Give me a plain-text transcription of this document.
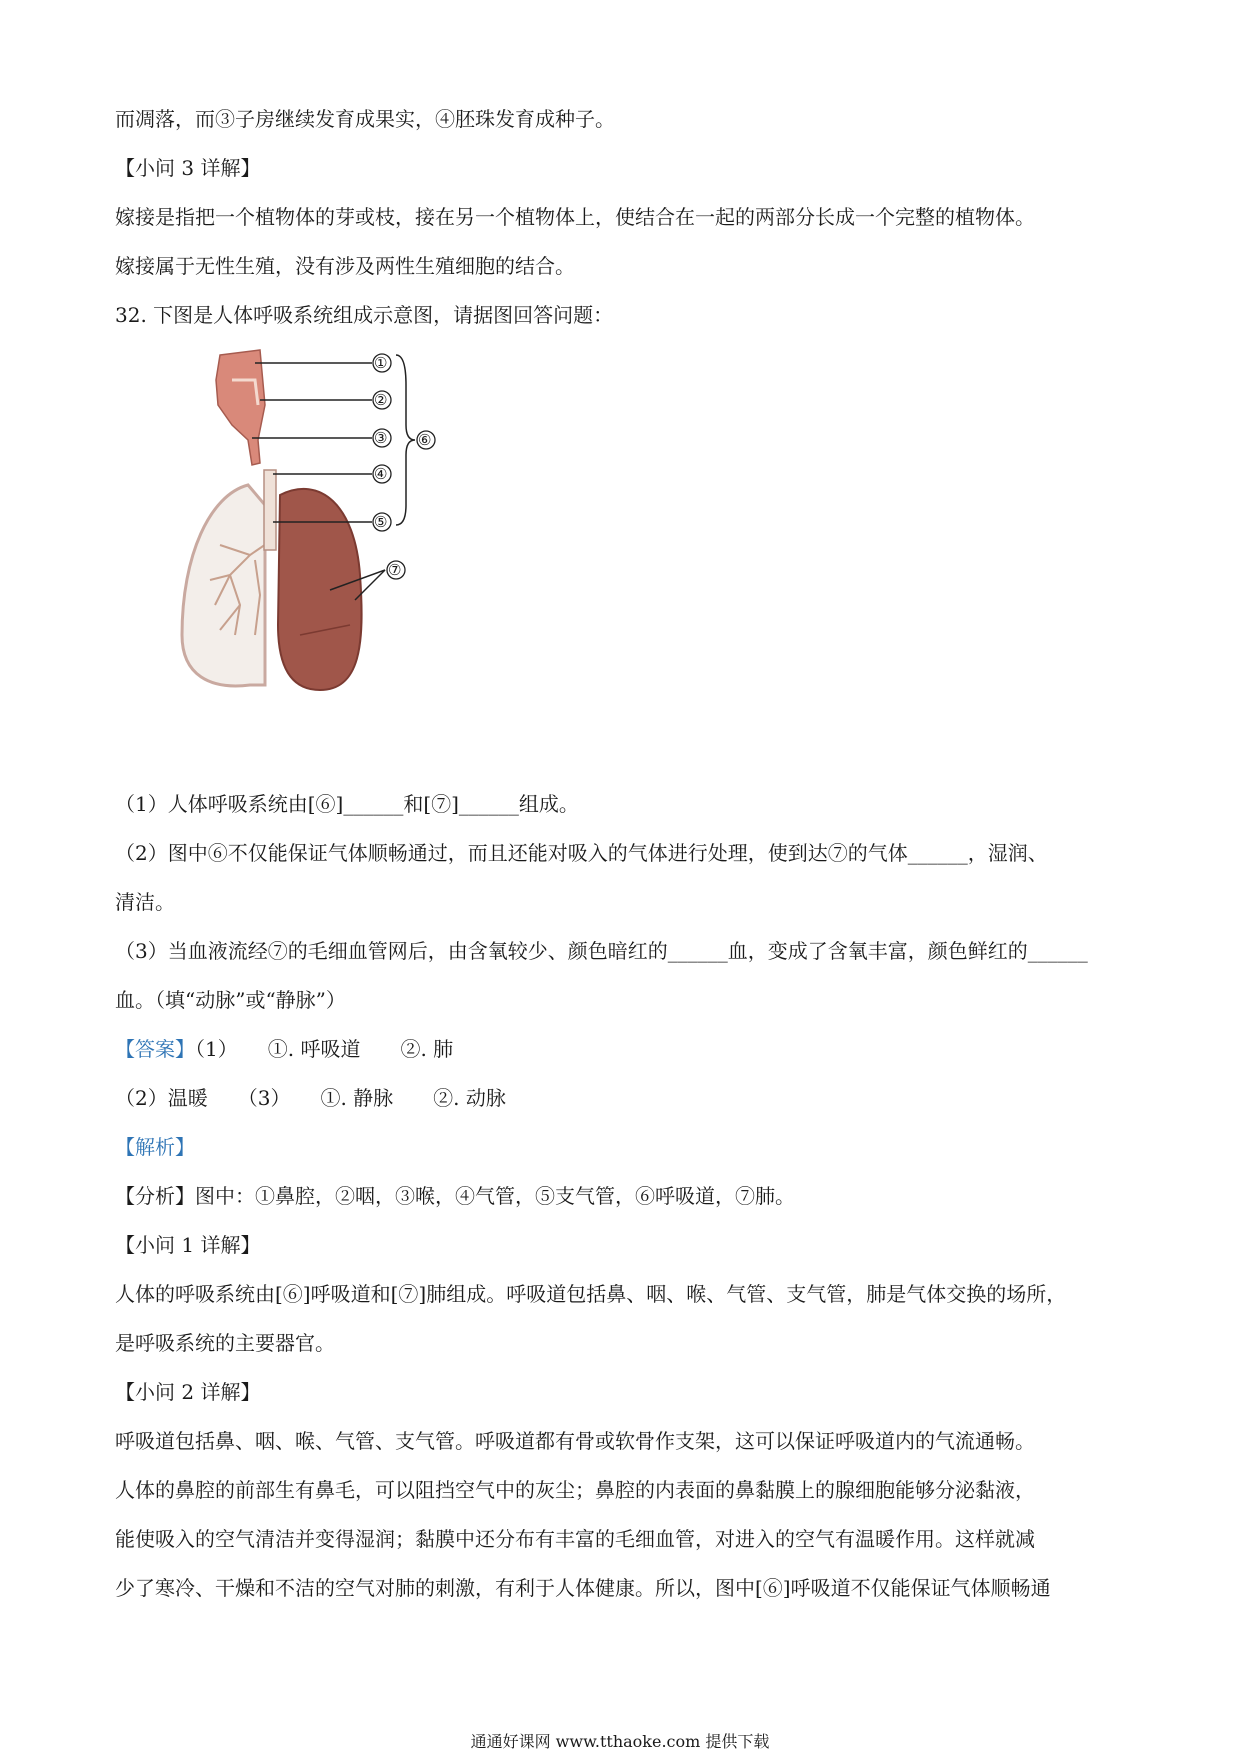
而凋落，而③子房继续发育成果实，④胚珠发育成种子。
【小问 3 详解】
嫁接是指把一个植物体的芽或枝，接在另一个植物体上，使结合在一起的两部分长成一个完整的植物体。
嫁接属于无性生殖，没有涉及两性生殖细胞的结合。
32. 下图是人体呼吸系统组成示意图，请据图回答问题：
①
②
③
④
⑤
⑥
⑦
（1）人体呼吸系统由[⑥]______和[⑦]______组成。
（2）图中⑥不仅能保证气体顺畅通过，而且还能对吸入的气体进行处理，使到达⑦的气体______，湿润、
清洁。
（3）当血液流经⑦的毛细血管网后，由含氧较少、颜色暗红的______血，变成了含氧丰富，颜色鲜红的______
血。（填“动脉”或“静脉”）
【答案】（1）　　①. 呼吸道　　②. 肺
（2）温暖　　（3）　　①. 静脉　　②. 动脉
【解析】
【分析】图中：①鼻腔，②咽，③喉，④气管，⑤支气管，⑥呼吸道，⑦肺。
【小问 1 详解】
人体的呼吸系统由[⑥]呼吸道和[⑦]肺组成。呼吸道包括鼻、咽、喉、气管、支气管，肺是气体交换的场所，
是呼吸系统的主要器官。
【小问 2 详解】
呼吸道包括鼻、咽、喉、气管、支气管。呼吸道都有骨或软骨作支架，这可以保证呼吸道内的气流通畅。
人体的鼻腔的前部生有鼻毛，可以阻挡空气中的灰尘；鼻腔的内表面的鼻黏膜上的腺细胞能够分泌黏液，
能使吸入的空气清洁并变得湿润；黏膜中还分布有丰富的毛细血管，对进入的空气有温暖作用。这样就减
少了寒冷、干燥和不洁的空气对肺的刺激，有利于人体健康。所以，图中[⑥]呼吸道不仅能保证气体顺畅通
通通好课网 www.tthaoke.com 提供下载
